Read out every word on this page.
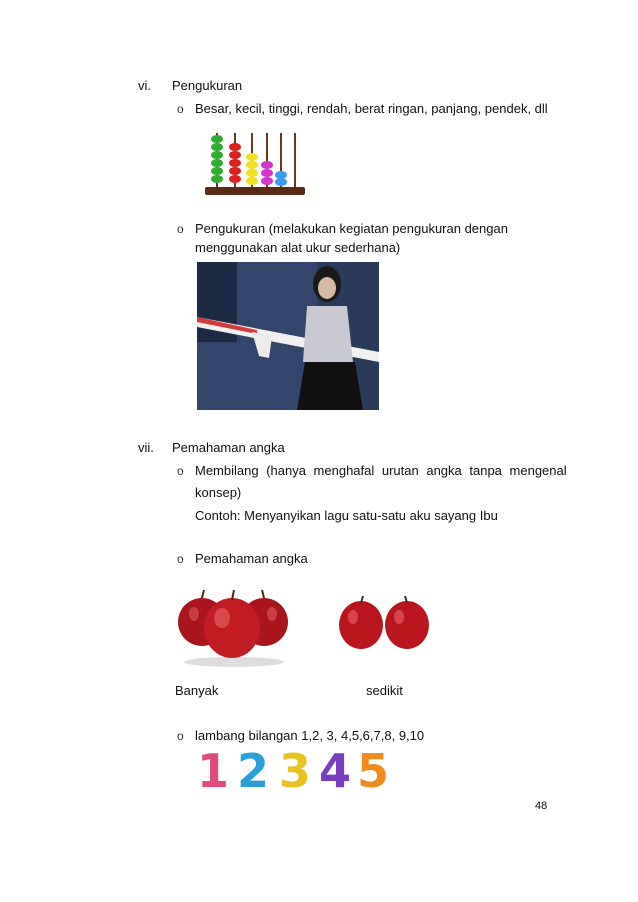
vi. Pengukuran
o Besar, kecil, tinggi, rendah, berat ringan, panjang, pendek, dll
o Pengukuran (melakukan kegiatan pengukuran dengan
menggunakan alat ukur sederhana)
vii. Pemahaman angka
o Membilang (hanya menghafal urutan angka tanpa mengenal
konsep)
Contoh: Menyanyikan lagu satu-satu aku sayang Ibu
o Pemahaman angka
Banyak	sedikit
o lambang bilangan 1,2, 3, 4,5,6,7,8, 9,10
1 2 3 4 5
48
